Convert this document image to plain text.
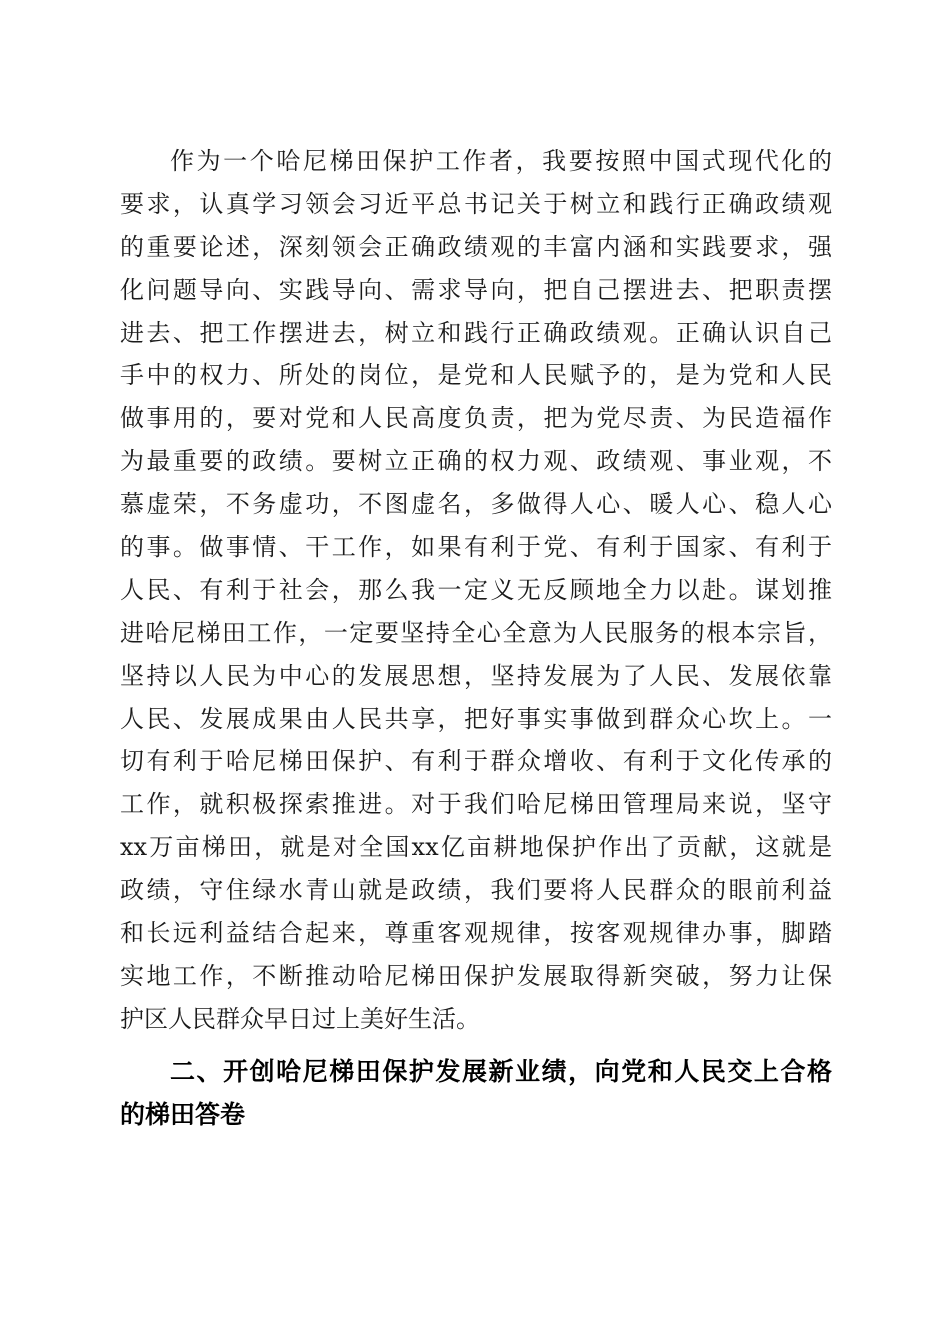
作为一个哈尼梯田保护工作者，我要按照中国式现代化的
要求，认真学习领会习近平总书记关于树立和践行正确政绩观
的重要论述，深刻领会正确政绩观的丰富内涵和实践要求，强
化问题导向、实践导向、需求导向，把自己摆进去、把职责摆
进去、把工作摆进去，树立和践行正确政绩观。正确认识自己
手中的权力、所处的岗位，是党和人民赋予的，是为党和人民
做事用的，要对党和人民高度负责，把为党尽责、为民造福作
为最重要的政绩。要树立正确的权力观、政绩观、事业观，不
慕虚荣，不务虚功，不图虚名，多做得人心、暖人心、稳人心
的事。做事情、干工作，如果有利于党、有利于国家、有利于
人民、有利于社会，那么我一定义无反顾地全力以赴。谋划推
进哈尼梯田工作，一定要坚持全心全意为人民服务的根本宗旨，
坚持以人民为中心的发展思想，坚持发展为了人民、发展依靠
人民、发展成果由人民共享，把好事实事做到群众心坎上。一
切有利于哈尼梯田保护、有利于群众增收、有利于文化传承的
工作，就积极探索推进。对于我们哈尼梯田管理局来说，坚守
xx万亩梯田，就是对全国xx亿亩耕地保护作出了贡献，这就是
政绩，守住绿水青山就是政绩，我们要将人民群众的眼前利益
和长远利益结合起来，尊重客观规律，按客观规律办事，脚踏
实地工作，不断推动哈尼梯田保护发展取得新突破，努力让保
护区人民群众早日过上美好生活。
二、开创哈尼梯田保护发展新业绩，向党和人民交上合格
的梯田答卷
